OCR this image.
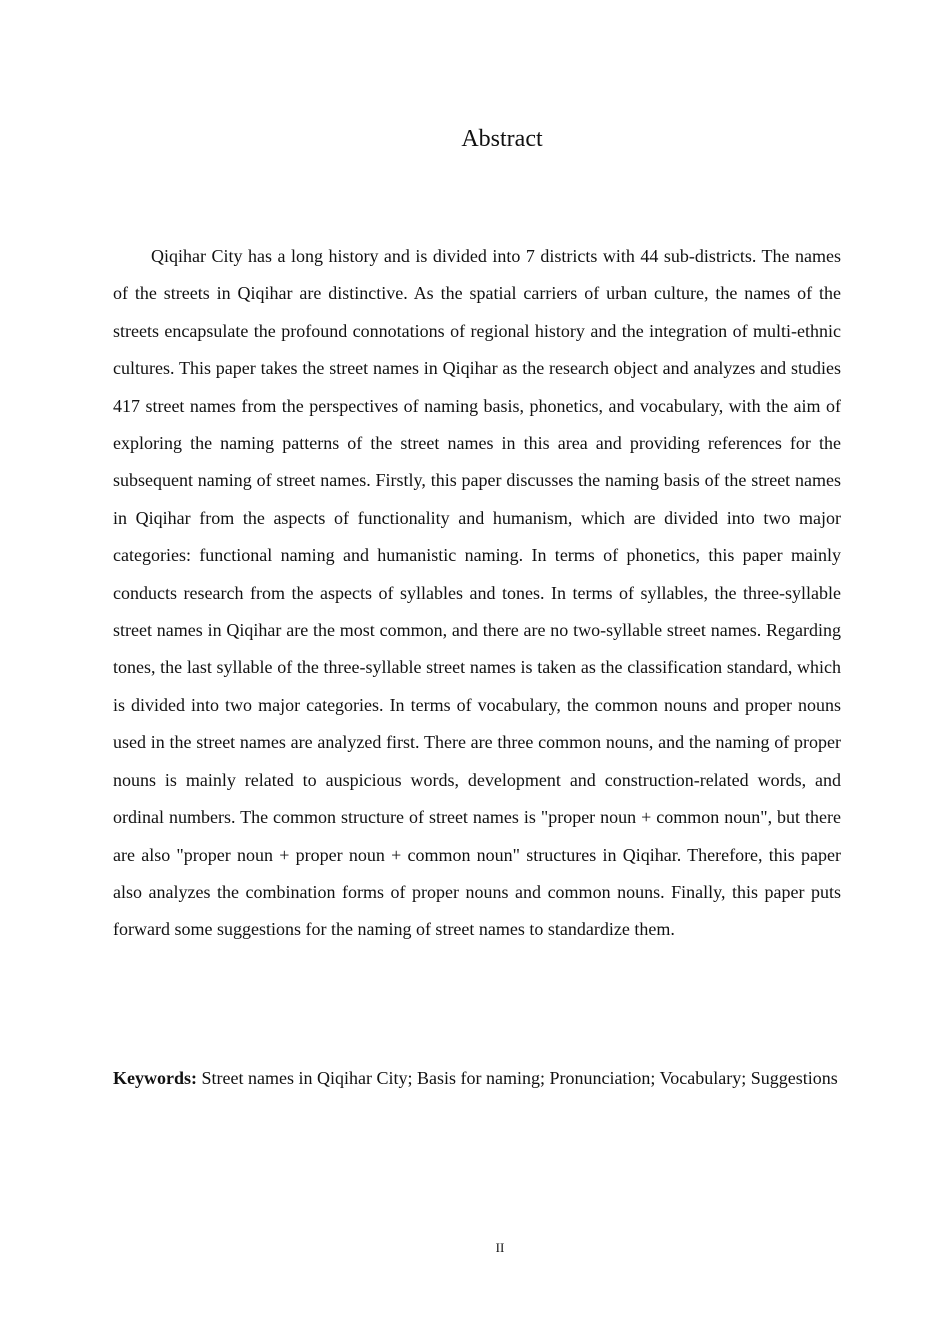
Abstract

Qiqihar City has a long history and is divided into 7 districts with 44 sub-districts. The names of the streets in Qiqihar are distinctive. As the spatial carriers of urban culture, the names of the streets encapsulate the profound connotations of regional history and the integration of multi-ethnic cultures. This paper takes the street names in Qiqihar as the research object and analyzes and studies 417 street names from the perspectives of naming basis, phonetics, and vocabulary, with the aim of exploring the naming patterns of the street names in this area and providing references for the subsequent naming of street names. Firstly, this paper discusses the naming basis of the street names in Qiqihar from the aspects of functionality and humanism, which are divided into two major categories: functional naming and humanistic naming. In terms of phonetics, this paper mainly conducts research from the aspects of syllables and tones. In terms of syllables, the three-syllable street names in Qiqihar are the most common, and there are no two-syllable street names. Regarding tones, the last syllable of the three-syllable street names is taken as the classification standard, which is divided into two major categories. In terms of vocabulary, the common nouns and proper nouns used in the street names are analyzed first. There are three common nouns, and the naming of proper nouns is mainly related to auspicious words, development and construction-related words, and ordinal numbers. The common structure of street names is "proper noun + common noun", but there are also "proper noun + proper noun + common noun" structures in Qiqihar. Therefore, this paper also analyzes the combination forms of proper nouns and common nouns. Finally, this paper puts forward some suggestions for the naming of street names to standardize them.

Keywords: Street names in Qiqihar City; Basis for naming; Pronunciation; Vocabulary; Suggestions

II
